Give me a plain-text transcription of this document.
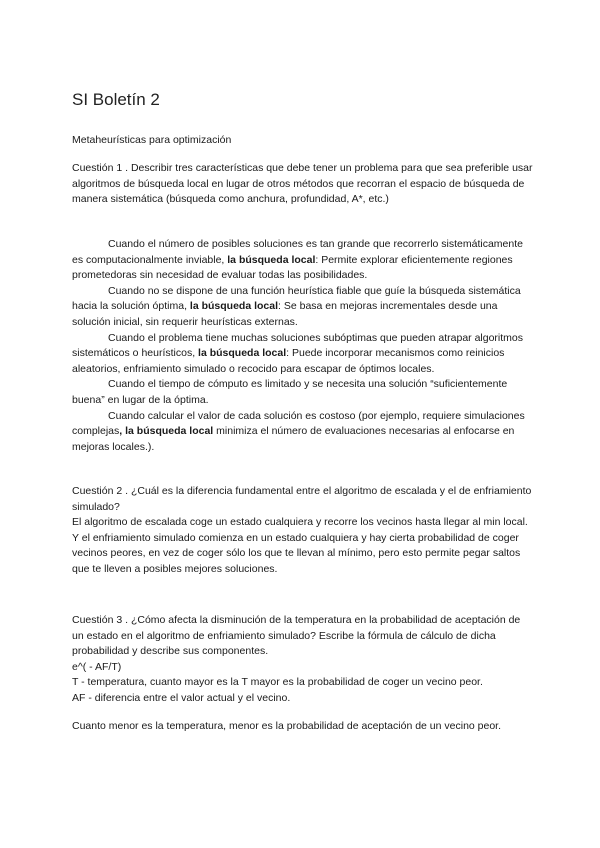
SI Boletín 2

Metaheurísticas para optimización

Cuestión 1 . Describir tres características que debe tener un problema para que sea preferible usar algoritmos de búsqueda local en lugar de otros métodos que recorran el espacio de búsqueda de manera sistemática (búsqueda como anchura, profundidad, A*, etc.)

Cuando el número de posibles soluciones es tan grande que recorrerlo sistemáticamente es computacionalmente inviable, la búsqueda local: Permite explorar eficientemente regiones prometedoras sin necesidad de evaluar todas las posibilidades.

Cuando no se dispone de una función heurística fiable que guíe la búsqueda sistemática hacia la solución óptima, la búsqueda local: Se basa en mejoras incrementales desde una solución inicial, sin requerir heurísticas externas.

Cuando el problema tiene muchas soluciones subóptimas que pueden atrapar algoritmos sistemáticos o heurísticos, la búsqueda local: Puede incorporar mecanismos como reinicios aleatorios, enfriamiento simulado o recocido para escapar de óptimos locales.

Cuando el tiempo de cómputo es limitado y se necesita una solución “suficientemente buena” en lugar de la óptima.

Cuando calcular el valor de cada solución es costoso (por ejemplo, requiere simulaciones complejas, la búsqueda local minimiza el número de evaluaciones necesarias al enfocarse en mejoras locales.).

Cuestión 2 . ¿Cuál es la diferencia fundamental entre el algoritmo de escalada y el de enfriamiento simulado?

El algoritmo de escalada coge un estado cualquiera y recorre los vecinos hasta llegar al min local.

Y el enfriamiento simulado comienza en un estado cualquiera y hay cierta probabilidad de coger vecinos peores, en vez de coger sólo los que te llevan al mínimo, pero esto permite pegar saltos que te lleven a posibles mejores soluciones.

Cuestión 3 . ¿Cómo afecta la disminución de la temperatura en la probabilidad de aceptación de un estado en el algoritmo de enfriamiento simulado? Escribe la fórmula de cálculo de dicha probabilidad y describe sus componentes.

e^( - AF/T)

T - temperatura, cuanto mayor es la T mayor es la probabilidad de coger un vecino peor.

AF - diferencia entre el valor actual y el vecino.

Cuanto menor es la temperatura, menor es la probabilidad de aceptación de un vecino peor.
